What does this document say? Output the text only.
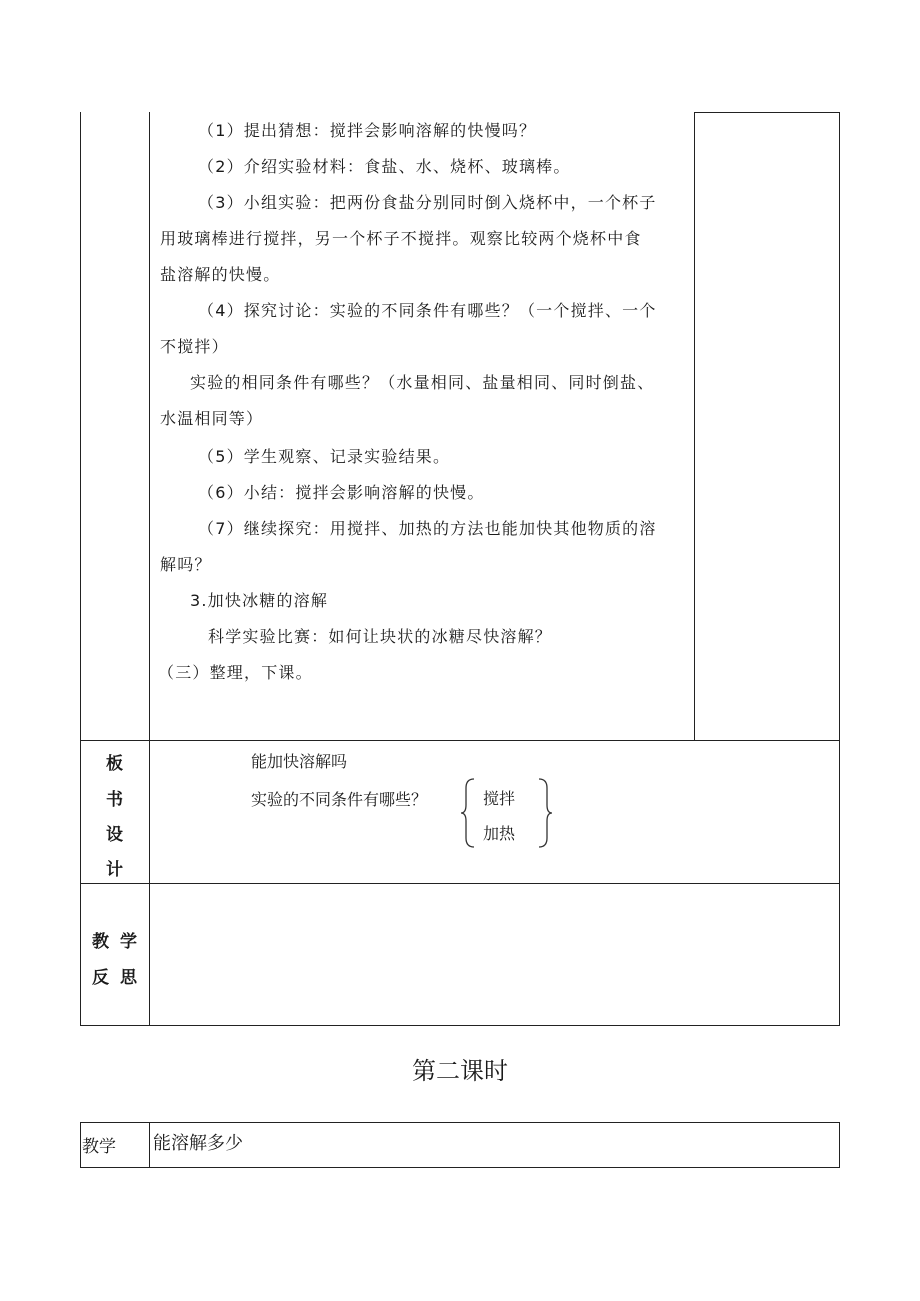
（1）提出猜想：搅拌会影响溶解的快慢吗？
（2）介绍实验材料：食盐、水、烧杯、玻璃棒。
（3）小组实验：把两份食盐分别同时倒入烧杯中，一个杯子
用玻璃棒进行搅拌，另一个杯子不搅拌。观察比较两个烧杯中食
盐溶解的快慢。
（4）探究讨论：实验的不同条件有哪些？（一个搅拌、一个
不搅拌）
实验的相同条件有哪些？（水量相同、盐量相同、同时倒盐、
水温相同等）
（5）学生观察、记录实验结果。
（6）小结：搅拌会影响溶解的快慢。
（7）继续探究：用搅拌、加热的方法也能加快其他物质的溶
解吗？
3.加快冰糖的溶解
科学实验比赛：如何让块状的冰糖尽快溶解？
（三）整理，下课。
板
书
设
计
能加快溶解吗
实验的不同条件有哪些？	搅拌
加热
教 学
反 思
第二课时
教学 能溶解多少
